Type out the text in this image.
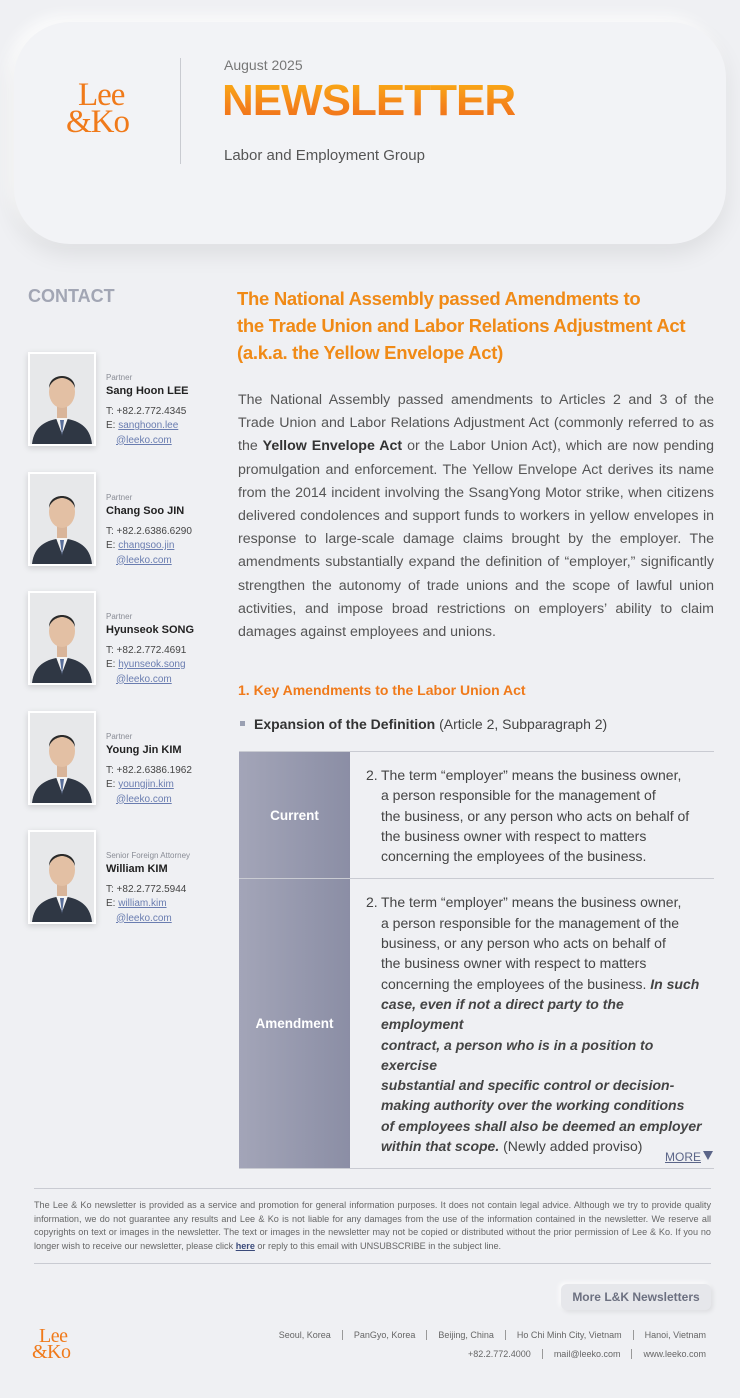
Lee
&Ko
August 2025
NEWSLETTER
Labor and Employment Group
CONTACT
Partner
Sang Hoon LEE
T: +82.2.772.4345
E: sanghoon.lee
@leeko.com
Partner
Chang Soo JIN
T: +82.2.6386.6290
E: changsoo.jin
@leeko.com
Partner
Hyunseok SONG
T: +82.2.772.4691
E: hyunseok.song
@leeko.com
Partner
Young Jin KIM
T: +82.2.6386.1962
E: youngjin.kim
@leeko.com
Senior Foreign Attorney
William KIM
T: +82.2.772.5944
E: william.kim
@leeko.com
The National Assembly passed Amendments to
the Trade Union and Labor Relations Adjustment Act
(a.k.a. the Yellow Envelope Act)
The National Assembly passed amendments to Articles 2 and 3 of the Trade Union and Labor Relations Adjustment Act (commonly referred to as the Yellow Envelope Act or the Labor Union Act), which are now pending promulgation and enforcement. The Yellow Envelope Act derives its name from the 2014 incident involving the SsangYong Motor strike, when citizens delivered condolences and support funds to workers in yellow envelopes in response to large-scale damage claims brought by the employer. The amendments substantially expand the definition of “employer,” significantly strengthen the autonomy of trade unions and the scope of lawful union activities, and impose broad restrictions on employers’ ability to claim damages against employees and unions.
1. Key Amendments to the Labor Union Act
Expansion of the Definition (Article 2, Subparagraph 2)
Current
2. The term “employer” means the business owner,
a person responsible for the management of
the business, or any person who acts on behalf of
the business owner with respect to matters
concerning the employees of the business.
Amendment
2. The term “employer” means the business owner,
a person responsible for the management of the
business, or any person who acts on behalf of
the business owner with respect to matters
concerning the employees of the business. In such
case, even if not a direct party to the employment
contract, a person who is in a position to exercise
substantial and specific control or decision-
making authority over the working conditions
of employees shall also be deemed an employer
within that scope. (Newly added proviso)
MORE
The Lee & Ko newsletter is provided as a service and promotion for general information purposes. It does not contain legal advice. Although we try to provide quality information, we do not guarantee any results and Lee & Ko is not liable for any damages from the use of the information contained in the newsletter. We reserve all copyrights on text or images in the newsletter. The text or images in the newsletter may not be copied or distributed without the prior permission of Lee & Ko. If you no longer wish to receive our newsletter, please click here or reply to this email with UNSUBSCRIBE in the subject line.
More L&K Newsletters
Lee
&Ko
Seoul, Korea	PanGyo, Korea	Beijing, China	Ho Chi Minh City, Vietnam	Hanoi, Vietnam
+82.2.772.4000	mail@leeko.com	www.leeko.com
